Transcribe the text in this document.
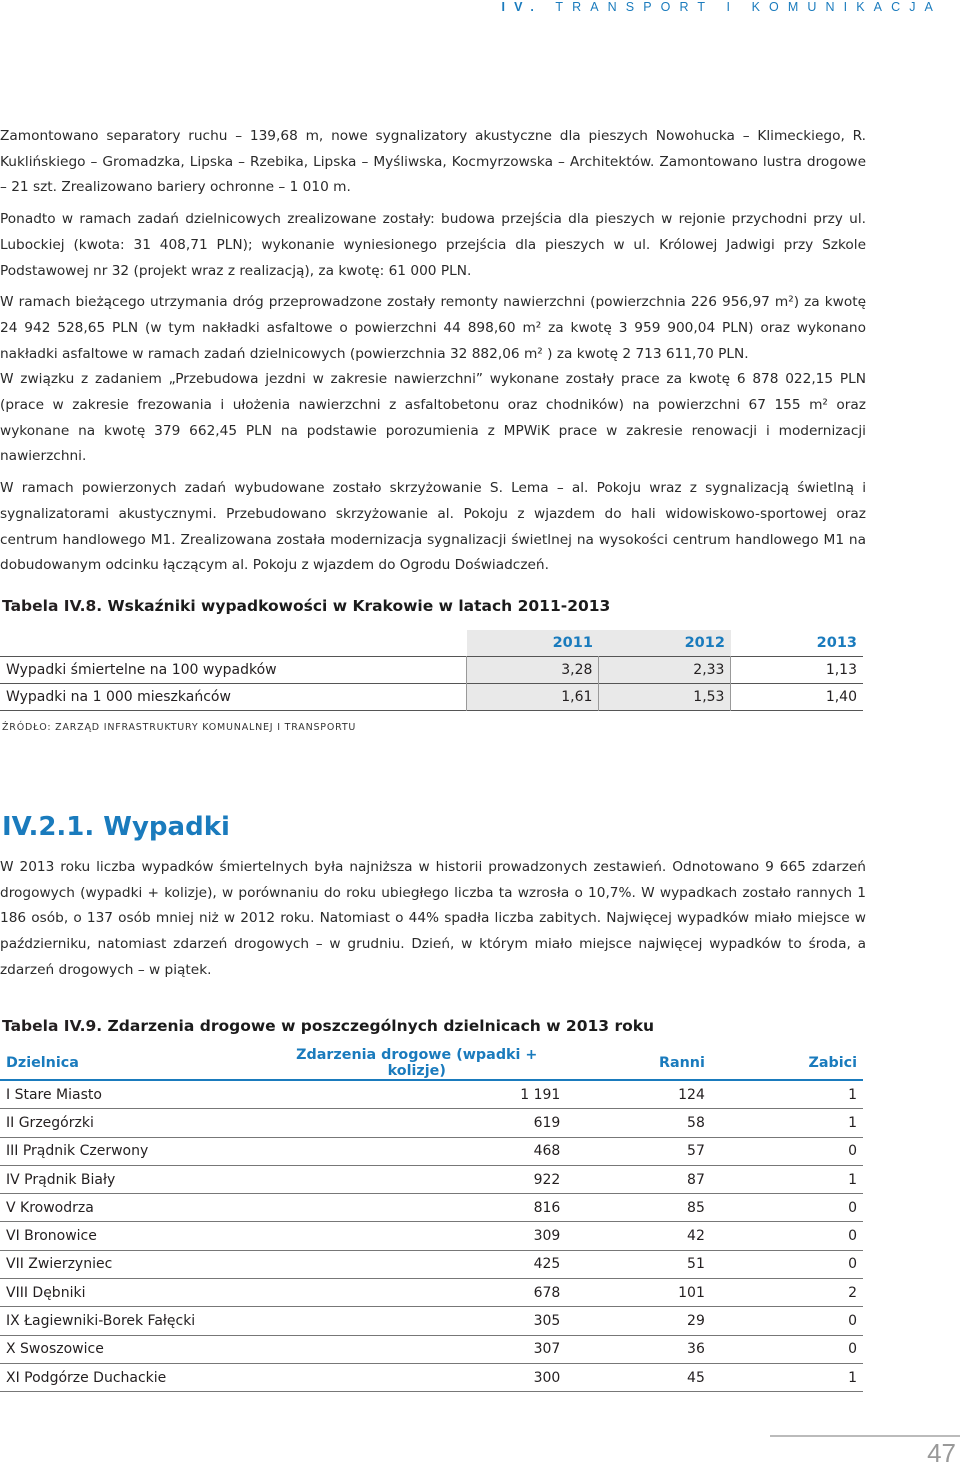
IV. TRANSPORT I KOMUNIKACJA

Zamontowano separatory ruchu – 139,68 m, nowe sygnalizatory akustyczne dla pieszych Nowohucka – Klimeckiego, R. Kuklińskiego – Gromadzka, Lipska – Rzebika, Lipska – Myśliwska, Kocmyrzowska – Architektów. Zamontowano lustra drogowe – 21 szt. Zrealizowano bariery ochronne – 1 010 m.

Ponadto w ramach zadań dzielnicowych zrealizowane zostały: budowa przejścia dla pieszych w rejonie przychodni przy ul. Lubockiej (kwota: 31 408,71 PLN); wykonanie wyniesionego przejścia dla pieszych w ul. Królowej Jadwigi przy Szkole Podstawowej nr 32 (projekt wraz z realizacją), za kwotę: 61 000 PLN.

W ramach bieżącego utrzymania dróg przeprowadzone zostały remonty nawierzchni (powierzchnia 226 956,97 m²) za kwotę 24 942 528,65 PLN (w tym nakładki asfaltowe o powierzchni 44 898,60 m² za kwotę 3 959 900,04 PLN) oraz wykonano nakładki asfaltowe w ramach zadań dzielnicowych (powierzchnia 32 882,06 m² ) za kwotę 2 713 611,70 PLN.

W związku z zadaniem „Przebudowa jezdni w zakresie nawierzchni” wykonane zostały prace za kwotę 6 878 022,15 PLN (prace w zakresie frezowania i ułożenia nawierzchni z asfaltobetonu oraz chodników) na powierzchni 67 155 m² oraz wykonane na kwotę 379 662,45 PLN na podstawie porozumienia z MPWiK prace w zakresie renowacji i modernizacji nawierzchni.

W ramach powierzonych zadań wybudowane zostało skrzyżowanie S. Lema – al. Pokoju wraz z sygnalizacją świetlną i sygnalizatorami akustycznymi. Przebudowano skrzyżowanie al. Pokoju z wjazdem do hali widowiskowo-sportowej oraz centrum handlowego M1. Zrealizowana została modernizacja sygnalizacji świetlnej na wysokości centrum handlowego M1 na dobudowanym odcinku łączącym al. Pokoju z wjazdem do Ogrodu Doświadczeń.

Tabela IV.8. Wskaźniki wypadkowości w Krakowie w latach 2011-2013
	2011	2012	2013
Wypadki śmiertelne na 100 wypadków	3,28	2,33	1,13
Wypadki na 1 000 mieszkańców	1,61	1,53	1,40
ŹRÓDŁO: ZARZĄD INFRASTRUKTURY KOMUNALNEJ I TRANSPORTU
IV.2.1. Wypadki

W 2013 roku liczba wypadków śmiertelnych była najniższa w historii prowadzonych zestawień. Odnotowano 9 665 zdarzeń drogowych (wypadki + kolizje), w porównaniu do roku ubiegłego liczba ta wzrosła o 10,7%. W wypadkach zostało rannych 1 186 osób, o 137 osób mniej niż w 2012 roku. Natomiast o 44% spadła liczba zabitych. Najwięcej wypadków miało miejsce w październiku, natomiast zdarzeń drogowych – w grudniu. Dzień, w którym miało miejsce najwięcej wypadków to środa, a zdarzeń drogowych – w piątek.

Tabela IV.9. Zdarzenia drogowe w poszczególnych dzielnicach w 2013 roku
Dzielnica	Zdarzenia drogowe (wpadki + kolizje)	Ranni	Zabici
I Stare Miasto	1 191	124	1
II Grzegórzki	619	58	1
III Prądnik Czerwony	468	57	0
IV Prądnik Biały	922	87	1
V Krowodrza	816	85	0
VI Bronowice	309	42	0
VII Zwierzyniec	425	51	0
VIII Dębniki	678	101	2
IX Łagiewniki-Borek Fałęcki	305	29	0
X Swoszowice	307	36	0
XI Podgórze Duchackie	300	45	1
47
